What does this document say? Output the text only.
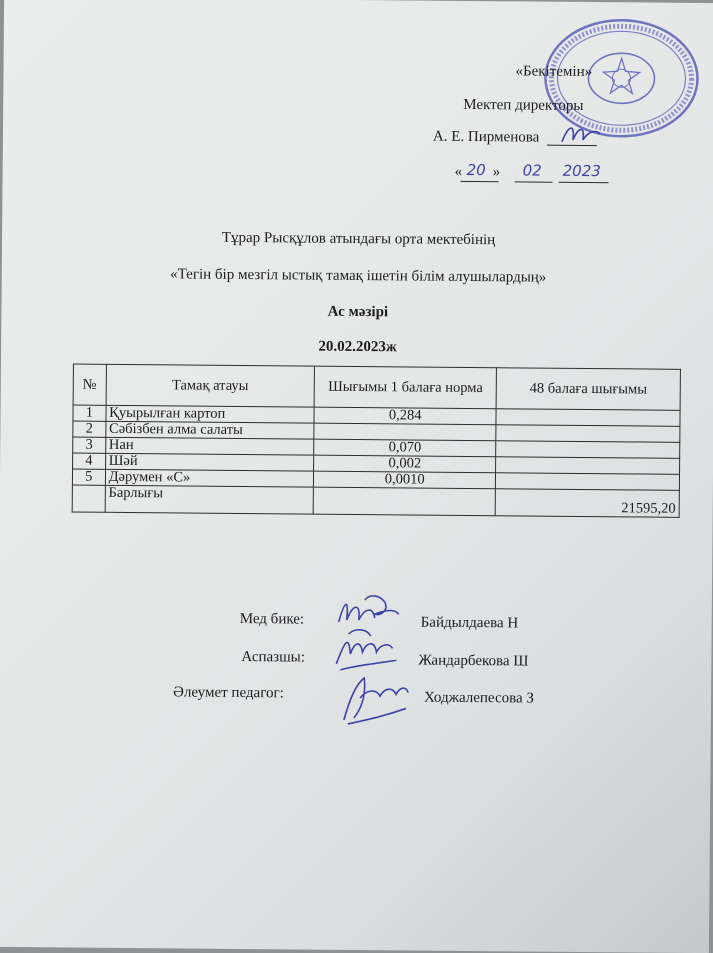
«Бекітемін»
Мектеп директоры
А. Е. Пирменова
« 20 » 02 2023
Тұрар Рысқұлов атындағы орта мектебінің
«Тегін бір мезгіл ыстық тамақ ішетін білім алушылардың»
Ас мәзірі
20.02.2023ж
№	Тамақ атауы	Шығымы 1 балаға норма	48 балаға шығымы
1	Қуырылған картоп	0,284	
2	Сәбізбен алма салаты		
3	Нан	0,070	
4	Шәй	0,002	
5	Дәрумен «С»	0,0010	
	Барлығы		21595,20
Мед бике:	Байдылдаева Н
Аспазшы:	Жандарбекова Ш
Әлеумет педагог:	Ходжалепесова З
